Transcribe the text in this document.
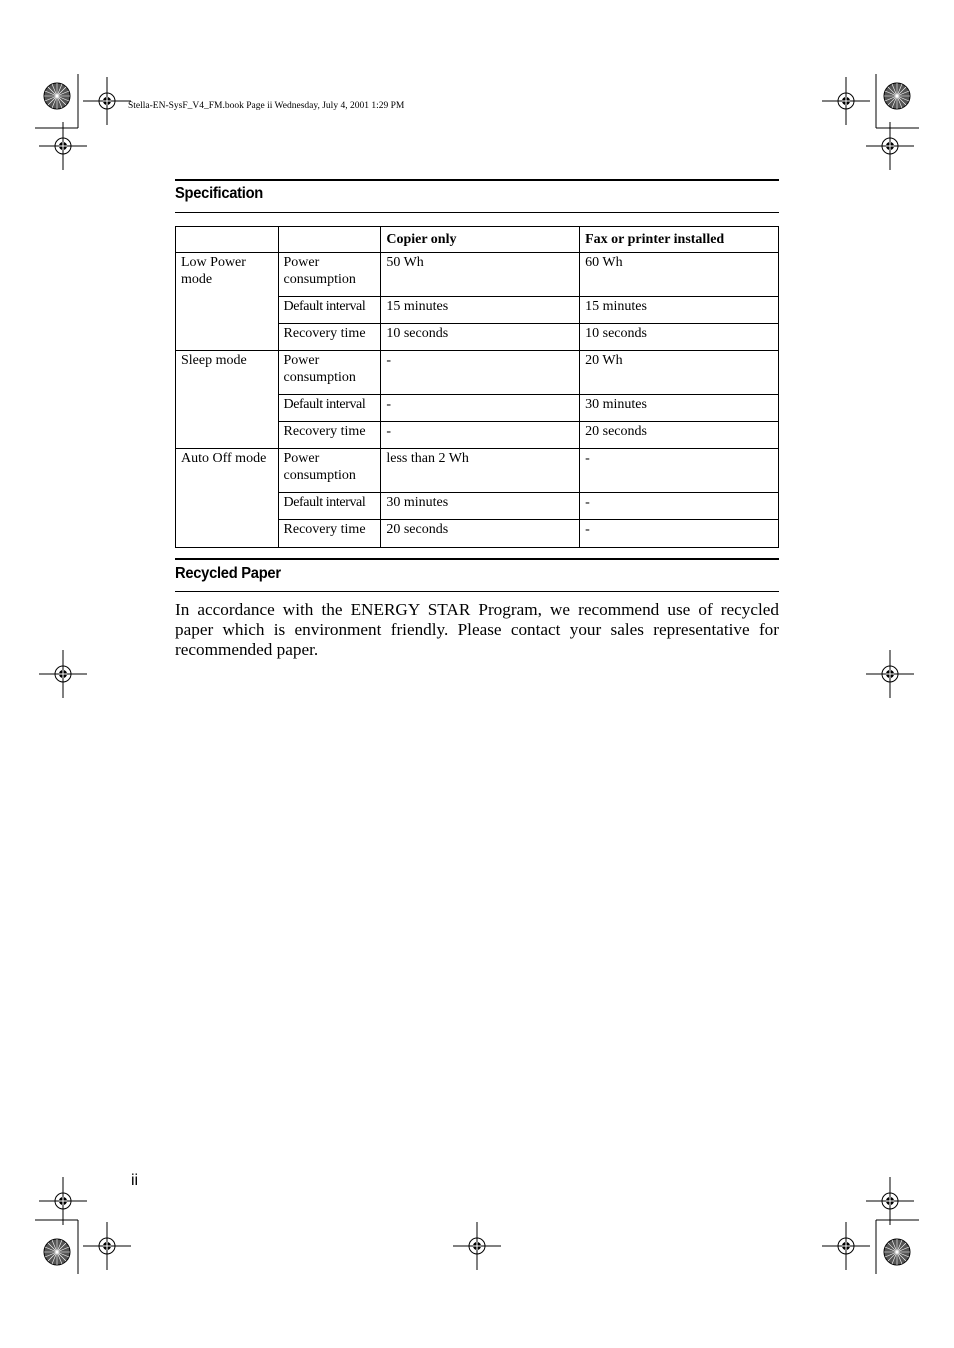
Stella-EN-SysF_V4_FM.book Page ii Wednesday, July 4, 2001 1:29 PM
Specification
		Copier only	Fax or printer installed
Low Power mode	Power consumption	50 Wh	60 Wh
	Default interval	15 minutes	15 minutes
	Recovery time	10 seconds	10 seconds
Sleep mode	Power consumption	-	20 Wh
	Default interval	-	30 minutes
	Recovery time	-	20 seconds
Auto Off mode	Power consumption	less than 2 Wh	-
	Default interval	30 minutes	-
	Recovery time	20 seconds	-
Recycled Paper
In accordance with the ENERGY STAR Program, we recommend use of recycled paper which is environment friendly. Please contact your sales representative for recommended paper.
ii
